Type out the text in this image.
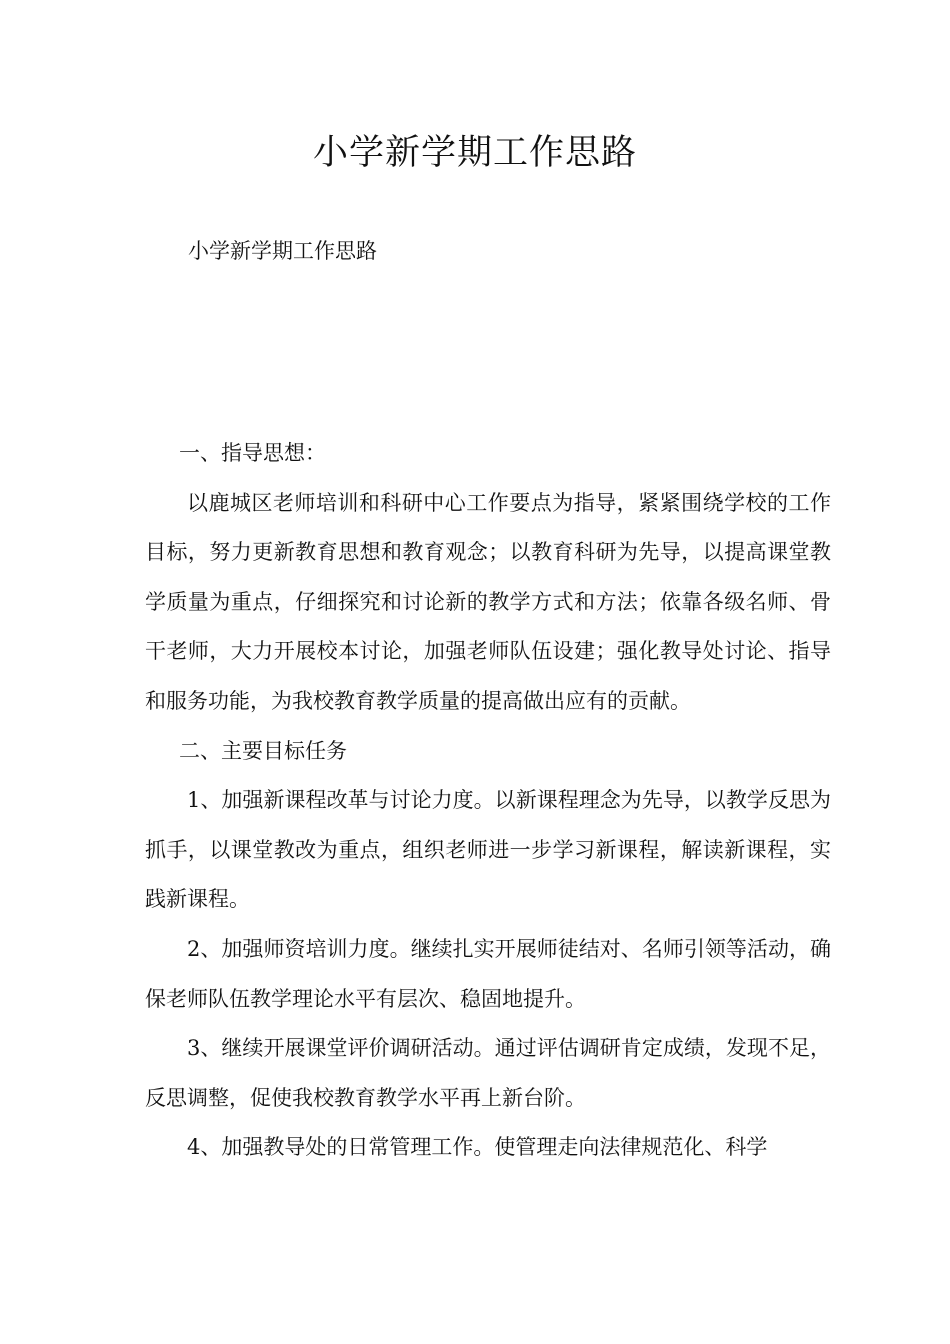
小学新学期工作思路

小学新学期工作思路

一、指导思想：

以鹿城区老师培训和科研中心工作要点为指导，紧紧围绕学校的工作目标，努力更新教育思想和教育观念；以教育科研为先导，以提高课堂教学质量为重点，仔细探究和讨论新的教学方式和方法；依靠各级名师、骨干老师，大力开展校本讨论，加强老师队伍设建；强化教导处讨论、指导和服务功能，为我校教育教学质量的提高做出应有的贡献。

二、主要目标任务

1、加强新课程改革与讨论力度。以新课程理念为先导，以教学反思为抓手，以课堂教改为重点，组织老师进一步学习新课程，解读新课程，实践新课程。

2、加强师资培训力度。继续扎实开展师徒结对、名师引领等活动，确保老师队伍教学理论水平有层次、稳固地提升。

3、继续开展课堂评价调研活动。通过评估调研肯定成绩，发现不足，反思调整，促使我校教育教学水平再上新台阶。

4、加强教导处的日常管理工作。使管理走向法律规范化、科学
